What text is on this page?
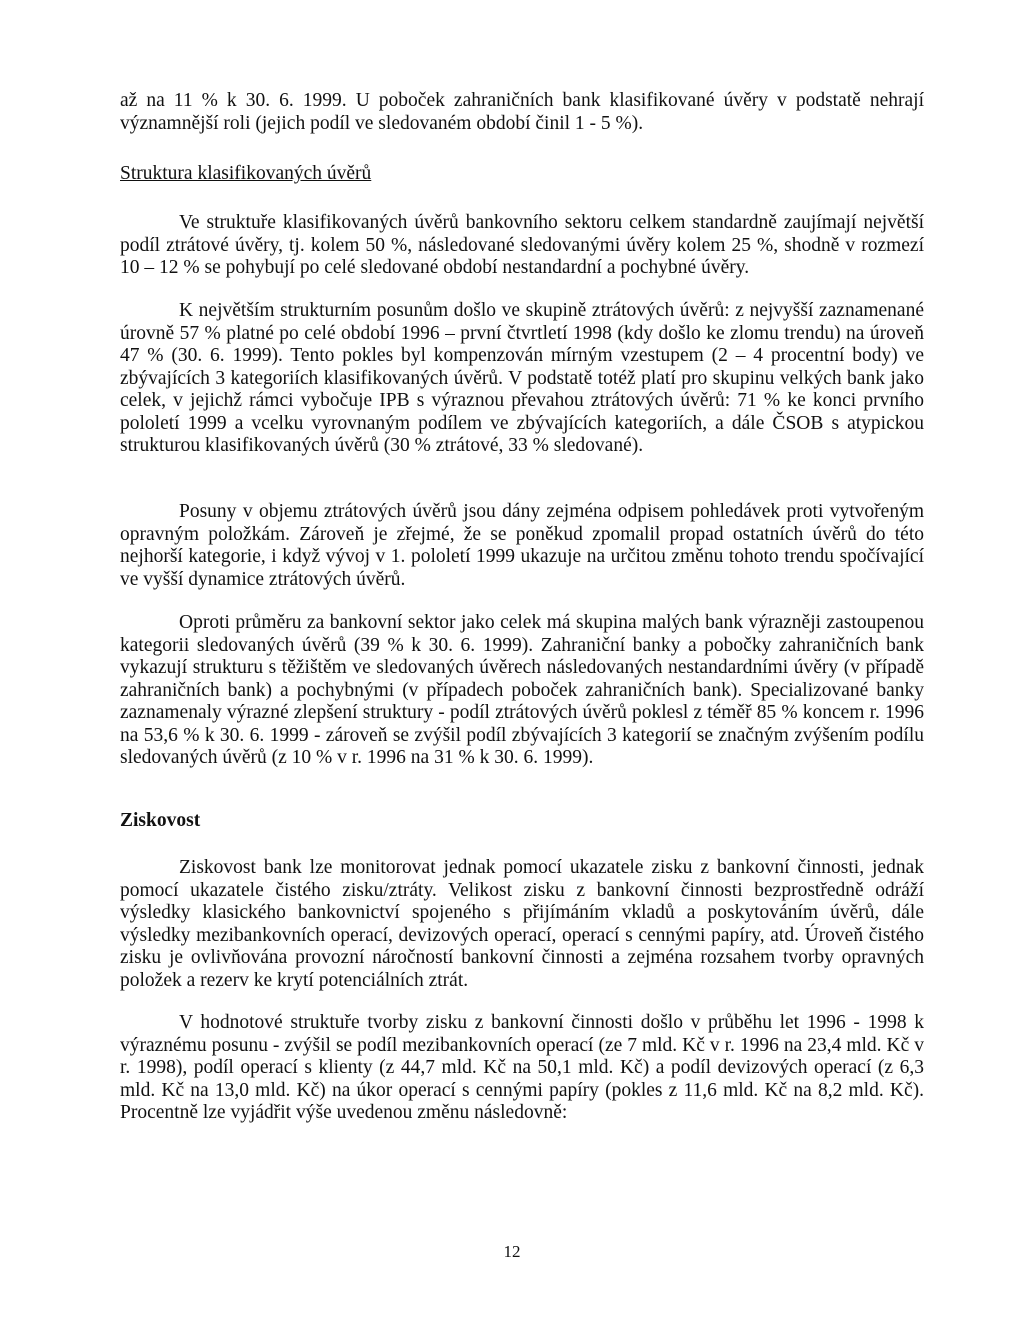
až na 11 % k 30. 6. 1999. U poboček zahraničních bank klasifikované úvěry v podstatě nehrají významnější roli (jejich podíl ve sledovaném období činil 1 - 5 %).

Struktura klasifikovaných úvěrů

Ve struktuře klasifikovaných úvěrů bankovního sektoru celkem standardně zaujímají největší podíl ztrátové úvěry, tj. kolem 50 %, následované sledovanými úvěry kolem 25 %, shodně v rozmezí 10 – 12 % se pohybují po celé sledované období nestandardní a pochybné úvěry.

K největším strukturním posunům došlo ve skupině ztrátových úvěrů: z nejvyšší zaznamenané úrovně 57 % platné po celé období 1996 – první čtvrtletí 1998 (kdy došlo ke zlomu trendu) na úroveň 47 % (30. 6. 1999). Tento pokles byl kompenzován mírným vzestupem (2 – 4 procentní body) ve zbývajících 3 kategoriích klasifikovaných úvěrů. V podstatě totéž platí pro skupinu velkých bank jako celek, v jejichž rámci vybočuje IPB s výraznou převahou ztrátových úvěrů: 71 % ke konci prvního pololetí 1999 a vcelku vyrovnaným podílem ve zbývajících kategoriích, a dále ČSOB s atypickou strukturou klasifikovaných úvěrů (30 % ztrátové, 33 % sledované).

Posuny v objemu ztrátových úvěrů jsou dány zejména odpisem pohledávek proti vytvořeným opravným položkám. Zároveň je zřejmé, že se poněkud zpomalil propad ostatních úvěrů do této nejhorší kategorie, i když vývoj v 1. pololetí 1999 ukazuje na určitou změnu tohoto trendu spočívající ve vyšší dynamice ztrátových úvěrů.

Oproti průměru za bankovní sektor jako celek má skupina malých bank výrazněji zastoupenou kategorii sledovaných úvěrů (39 % k 30. 6. 1999). Zahraniční banky a pobočky zahraničních bank vykazují strukturu s těžištěm ve sledovaných úvěrech následovaných nestandardními úvěry (v případě zahraničních bank) a pochybnými (v případech poboček zahraničních bank). Specializované banky zaznamenaly výrazné zlepšení struktury - podíl ztrátových úvěrů poklesl z téměř 85 % koncem r. 1996 na 53,6 % k 30. 6. 1999 - zároveň se zvýšil podíl zbývajících 3 kategorií se značným zvýšením podílu sledovaných úvěrů (z 10 % v r. 1996 na 31 % k 30. 6. 1999).

Ziskovost

Ziskovost bank lze monitorovat jednak pomocí ukazatele zisku z bankovní činnosti, jednak pomocí ukazatele čistého zisku/ztráty. Velikost zisku z bankovní činnosti bezprostředně odráží výsledky klasického bankovnictví spojeného s přijímáním vkladů a poskytováním úvěrů, dále výsledky mezibankovních operací, devizových operací, operací s cennými papíry, atd. Úroveň čistého zisku je ovlivňována provozní náročností bankovní činnosti a zejména rozsahem tvorby opravných položek a rezerv ke krytí potenciálních ztrát.

V hodnotové struktuře tvorby zisku z bankovní činnosti došlo v průběhu let 1996 - 1998 k výraznému posunu - zvýšil se podíl mezibankovních operací (ze 7 mld. Kč v r. 1996 na 23,4 mld. Kč v r. 1998), podíl operací s klienty (z 44,7 mld. Kč na 50,1 mld. Kč) a podíl devizových operací (z 6,3 mld. Kč na 13,0 mld. Kč) na úkor operací s cennými papíry (pokles z 11,6 mld. Kč na 8,2 mld. Kč). Procentně lze vyjádřit výše uvedenou změnu následovně:

12
